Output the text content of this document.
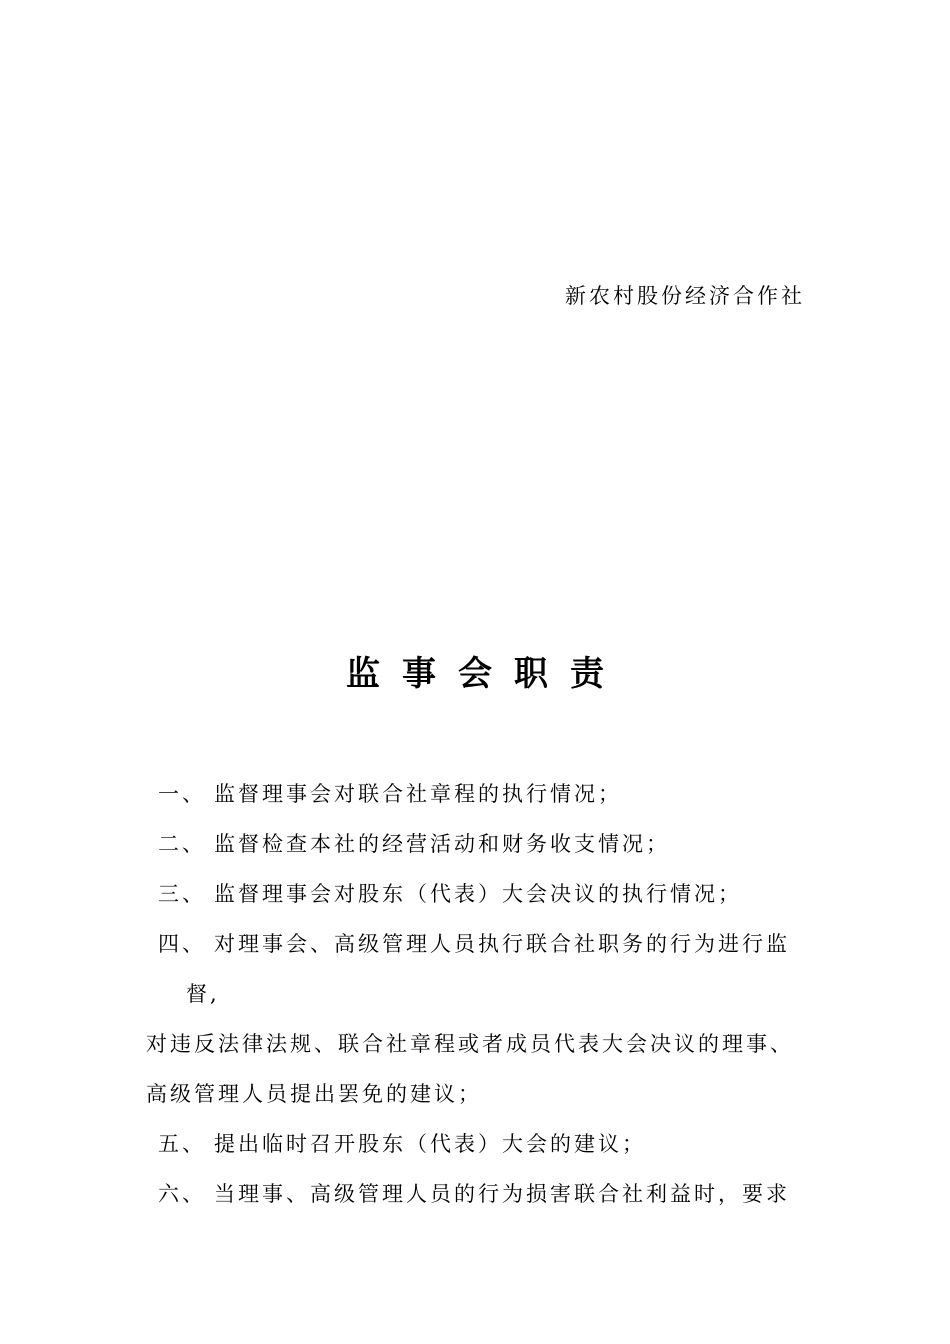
新农村股份经济合作社
监事会职责
一、 监督理事会对联合社章程的执行情况；
二、 监督检查本社的经营活动和财务收支情况；
三、 监督理事会对股东（代表）大会决议的执行情况；
四、 对理事会、高级管理人员执行联合社职务的行为进行监
督,
对违反法律法规、联合社章程或者成员代表大会决议的理事、
高级管理人员提出罢免的建议；
五、 提出临时召开股东（代表）大会的建议；
六、 当理事、高级管理人员的行为损害联合社利益时，要求
